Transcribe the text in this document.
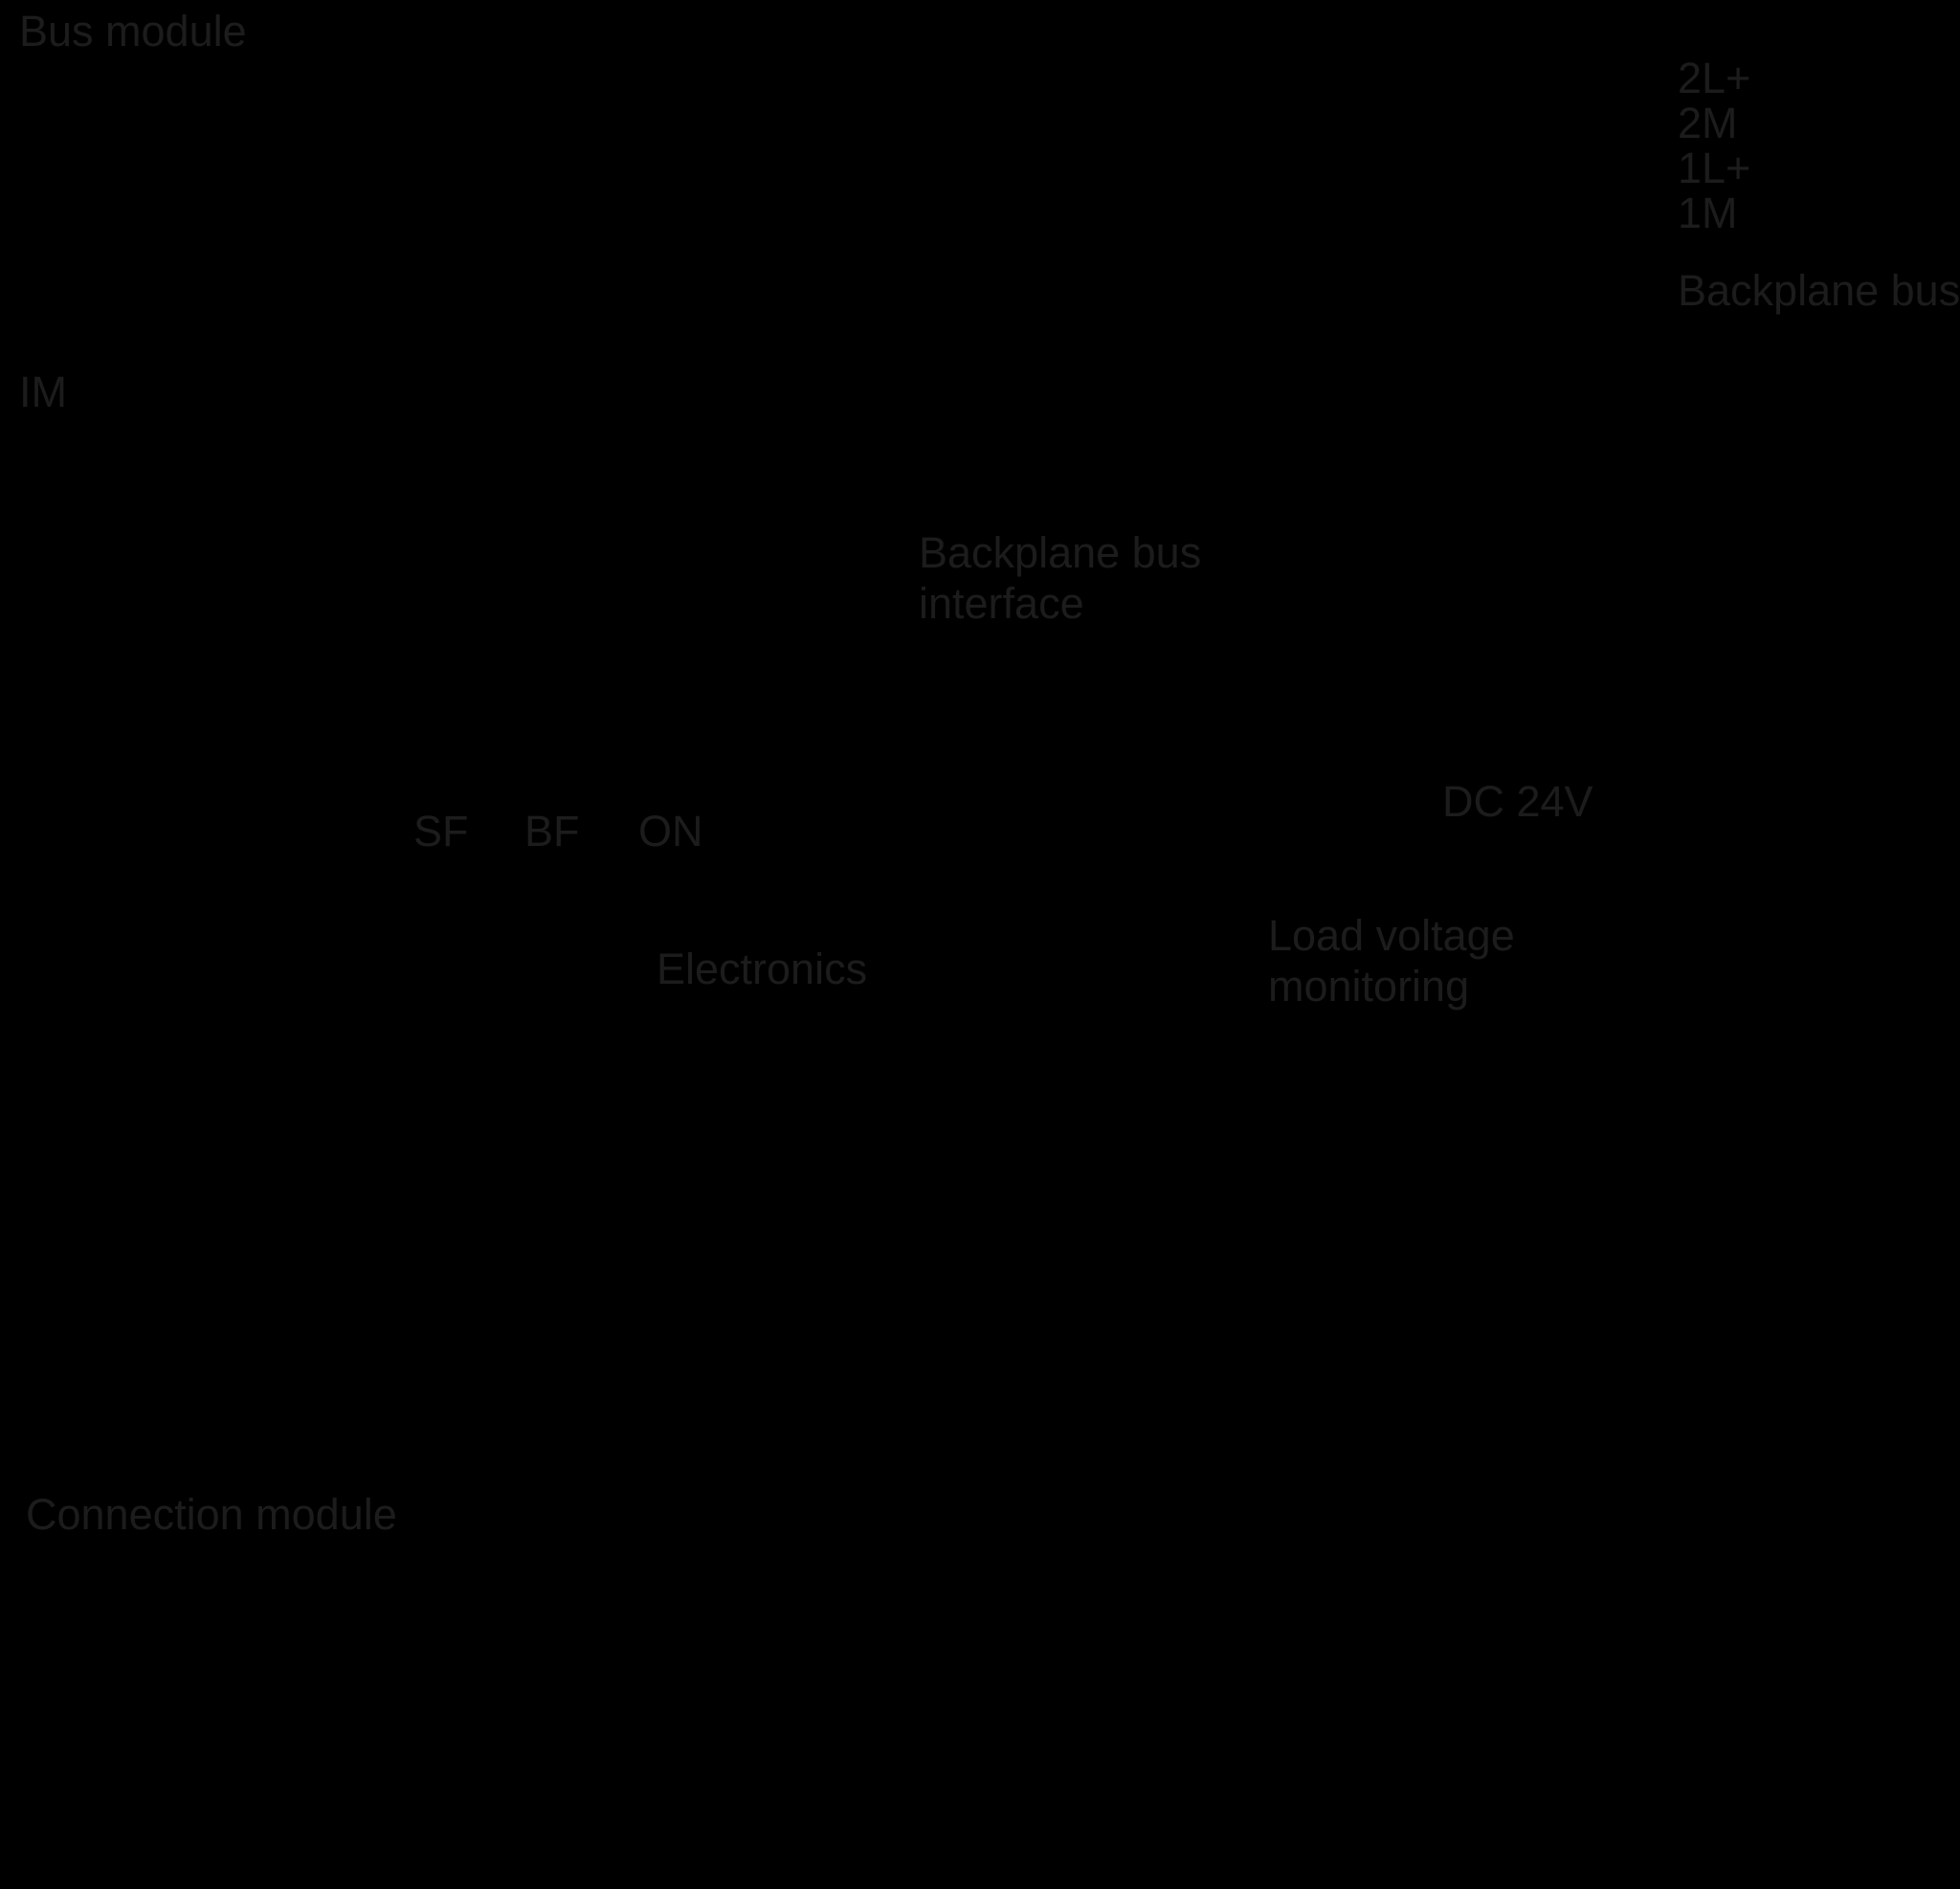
Bus module
IM
Connection module
2L+
2M
1L+
1M
Backplane bus
Backplane bus
interface
SF BF ON
Electronics
DC 24V
Load voltage
monitoring
